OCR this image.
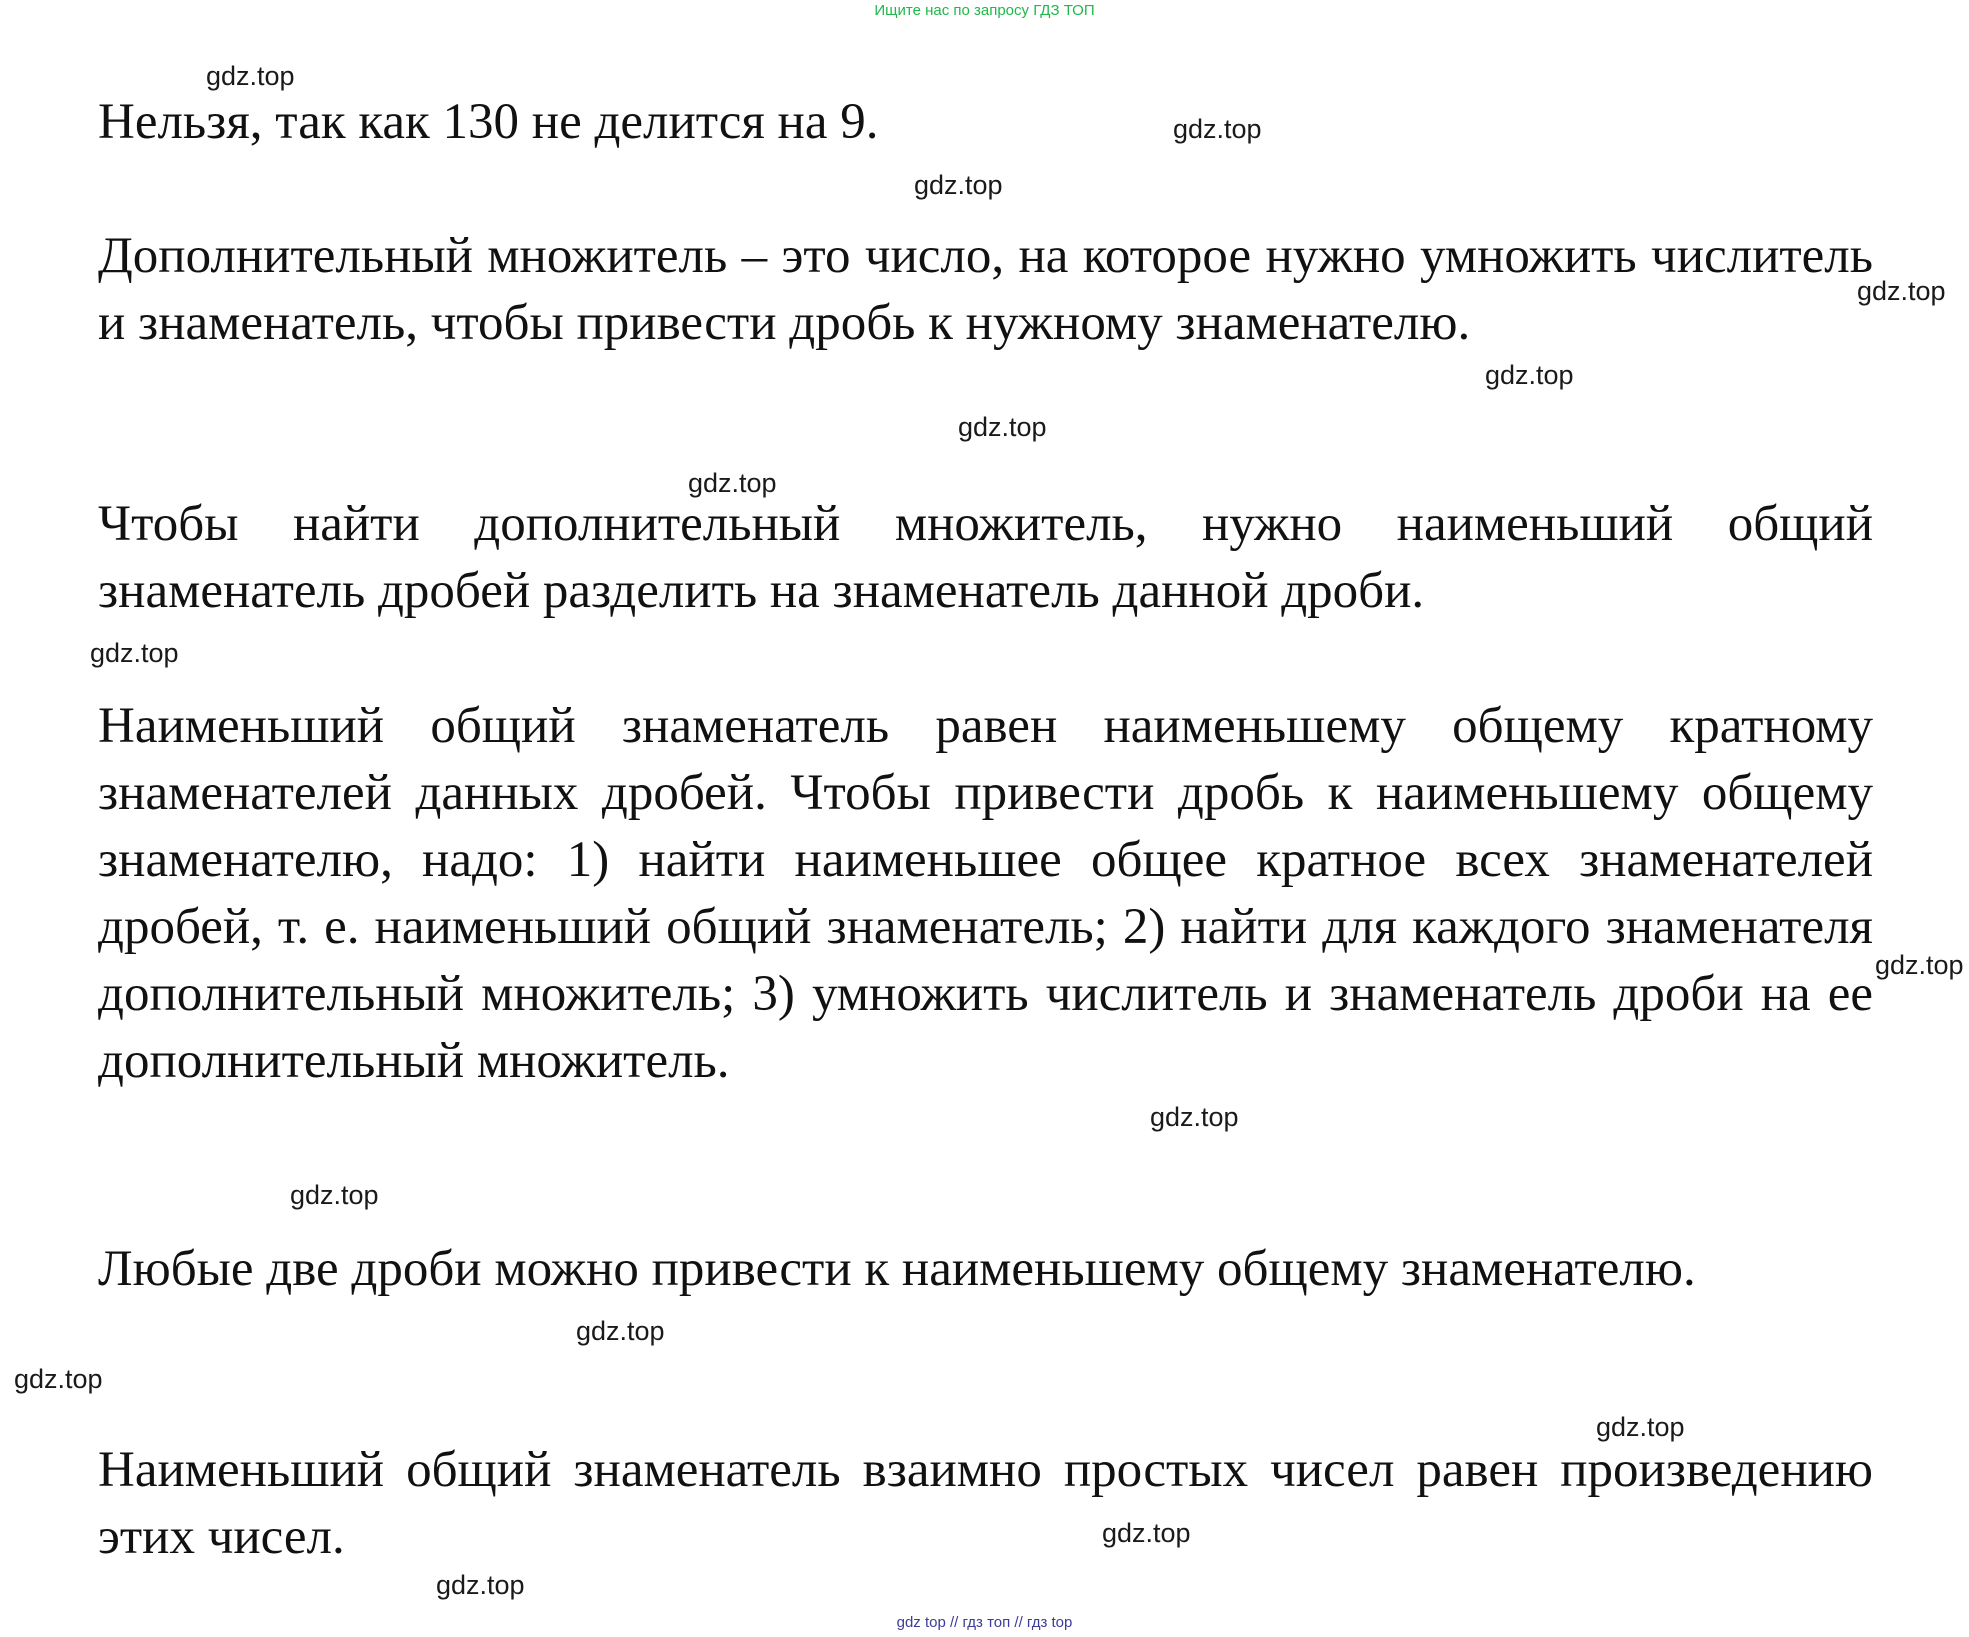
Ищите нас по запросу ГДЗ ТОП

Нельзя, так как 130 не делится на 9.

Дополнительный множитель – это число, на которое нужно умножить числитель и знаменатель, чтобы привести дробь к нужному знаменателю.

Чтобы найти дополнительный множитель, нужно наименьший общий знаменатель дробей разделить на знаменатель данной дроби.

Наименьший общий знаменатель равен наименьшему общему кратному знаменателей данных дробей. Чтобы привести дробь к наименьшему общему знаменателю, надо: 1) найти наименьшее общее кратное всех знаменателей дробей, т. е. наименьший общий знаменатель; 2) найти для каждого знаменателя дополнительный множитель; 3) умножить числитель и знаменатель дроби на ее дополнительный множитель.

Любые две дроби можно привести к наименьшему общему знаменателю.

Наименьший общий знаменатель взаимно простых чисел равен произведению этих чисел.

gdz.top
gdz.top
gdz.top
gdz.top
gdz.top
gdz.top
gdz.top
gdz.top
gdz.top
gdz.top
gdz.top
gdz.top
gdz.top
gdz.top
gdz.top
gdz.top
gdz top // гдз топ // гдз top
